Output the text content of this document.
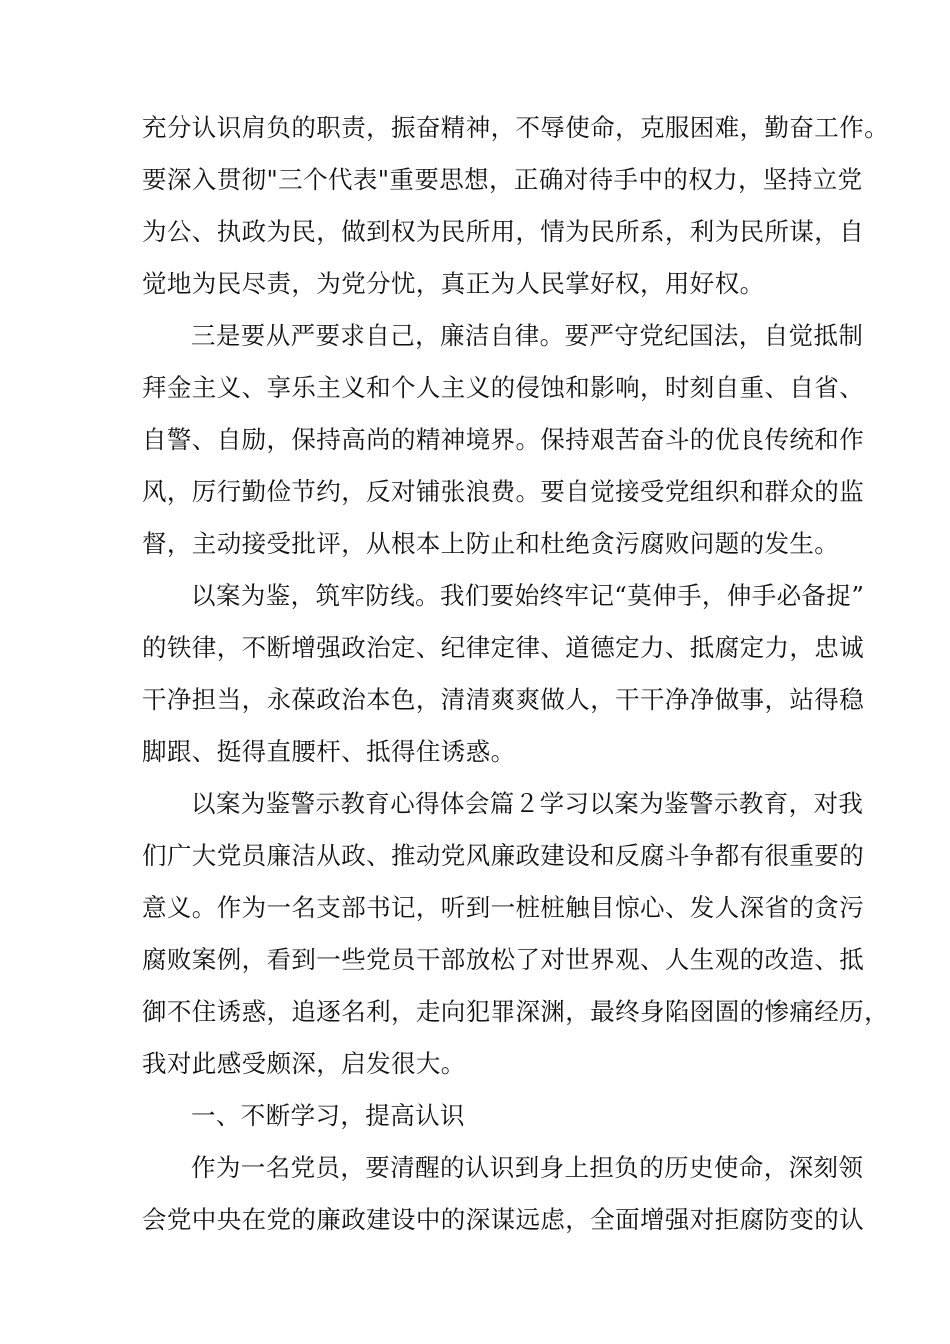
充分认识肩负的职责，振奋精神，不辱使命，克服困难，勤奋工作。
要深入贯彻"三个代表"重要思想，正确对待手中的权力，坚持立党
为公、执政为民，做到权为民所用，情为民所系，利为民所谋，自
觉地为民尽责，为党分忧，真正为人民掌好权，用好权。
三是要从严要求自己，廉洁自律。要严守党纪国法，自觉抵制
拜金主义、享乐主义和个人主义的侵蚀和影响，时刻自重、自省、
自警、自励，保持高尚的精神境界。保持艰苦奋斗的优良传统和作
风，厉行勤俭节约，反对铺张浪费。要自觉接受党组织和群众的监
督，主动接受批评，从根本上防止和杜绝贪污腐败问题的发生。
以案为鉴，筑牢防线。我们要始终牢记“莫伸手，伸手必备捉”
的铁律，不断增强政治定、纪律定律、道德定力、抵腐定力，忠诚
干净担当，永葆政治本色，清清爽爽做人，干干净净做事，站得稳
脚跟、挺得直腰杆、抵得住诱惑。
以案为鉴警示教育心得体会篇２学习以案为鉴警示教育，对我
们广大党员廉洁从政、推动党风廉政建设和反腐斗争都有很重要的
意义。作为一名支部书记，听到一桩桩触目惊心、发人深省的贪污
腐败案例，看到一些党员干部放松了对世界观、人生观的改造、抵
御不住诱惑，追逐名利，走向犯罪深渊，最终身陷囹圄的惨痛经历，
我对此感受颇深，启发很大。
一、不断学习，提高认识
作为一名党员，要清醒的认识到身上担负的历史使命，深刻领
会党中央在党的廉政建设中的深谋远虑，全面增强对拒腐防变的认
